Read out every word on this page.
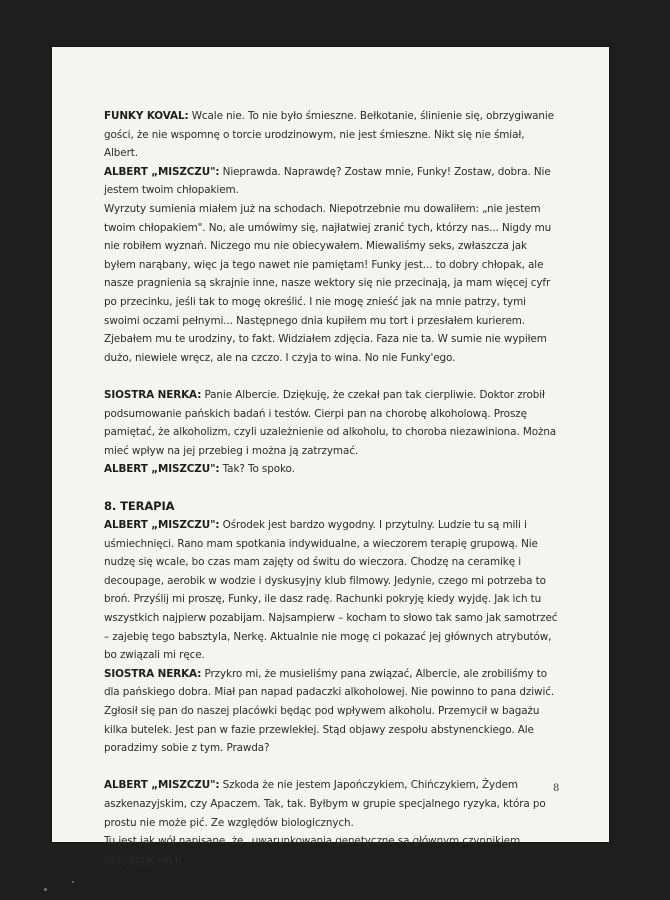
FUNKY KOVAL: Wcale nie. To nie było śmieszne. Bełkotanie, ślinienie się, obrzygiwanie gości, że nie wspomnę o torcie urodzinowym, nie jest śmieszne. Nikt się nie śmiał, Albert.

ALBERT „MISZCZU": Nieprawda. Naprawdę? Zostaw mnie, Funky! Zostaw, dobra. Nie jestem twoim chłopakiem.

Wyrzuty sumienia miałem już na schodach. Niepotrzebnie mu dowaliłem: „nie jestem twoim chłopakiem". No, ale umówimy się, najłatwiej zranić tych, którzy nas... Nigdy mu nie robiłem wyznań. Niczego mu nie obiecywałem. Miewaliśmy seks, zwłaszcza jak byłem narąbany, więc ja tego nawet nie pamiętam! Funky jest... to dobry chłopak, ale nasze pragnienia są skrajnie inne, nasze wektory się nie przecinają, ja mam więcej cyfr po przecinku, jeśli tak to mogę określić. I nie mogę znieść jak na mnie patrzy, tymi swoimi oczami pełnymi... Następnego dnia kupiłem mu tort i przesłałem kurierem. Zjebałem mu te urodziny, to fakt. Widziałem zdjęcia. Faza nie ta. W sumie nie wypiłem dużo, niewiele wręcz, ale na czczo. I czyja to wina. No nie Funky'ego.

SIOSTRA NERKA: Panie Albercie. Dziękuję, że czekał pan tak cierpliwie. Doktor zrobił podsumowanie pańskich badań i testów. Cierpi pan na chorobę alkoholową. Proszę pamiętać, że alkoholizm, czyli uzależnienie od alkoholu, to choroba niezawiniona. Można mieć wpływ na jej przebieg i można ją zatrzymać.

ALBERT „MISZCZU": Tak? To spoko.

8. TERAPIA

ALBERT „MISZCZU": Ośrodek jest bardzo wygodny. I przytulny. Ludzie tu są mili i uśmiechnięci. Rano mam spotkania indywidualne, a wieczorem terapię grupową. Nie nudzę się wcale, bo czas mam zajęty od świtu do wieczora. Chodzę na ceramikę i decoupage, aerobik w wodzie i dyskusyjny klub filmowy. Jedynie, czego mi potrzeba to broń. Przyślij mi proszę, Funky, ile dasz radę. Rachunki pokryję kiedy wyjdę. Jak ich tu wszystkich najpierw pozabijam. Najsampierw – kocham to słowo tak samo jak samotrzeć – zajebię tego babsztyla, Nerkę. Aktualnie nie mogę ci pokazać jej głównych atrybutów, bo związali mi ręce.

SIOSTRA NERKA: Przykro mi, że musieliśmy pana związać, Albercie, ale zrobiliśmy to dla pańskiego dobra. Miał pan napad padaczki alkoholowej. Nie powinno to pana dziwić. Zgłosił się pan do naszej placówki będąc pod wpływem alkoholu. Przemycił w bagażu kilka butelek. Jest pan w fazie przewlekłej. Stąd objawy zespołu abstynenckiego. Ale poradzimy sobie z tym. Prawda?

ALBERT „MISZCZU": Szkoda że nie jestem Japończykiem, Chińczykiem, Żydem aszkenazyjskim, czy Apaczem. Tak, tak. Byłbym w grupie specjalnego ryzyka, która po prostu nie może pić. Ze względów biologicznych.

Tu jest jak wół napisane, że „uwarunkowania genetyczne są głównym czynnikiem decydującym o

8
